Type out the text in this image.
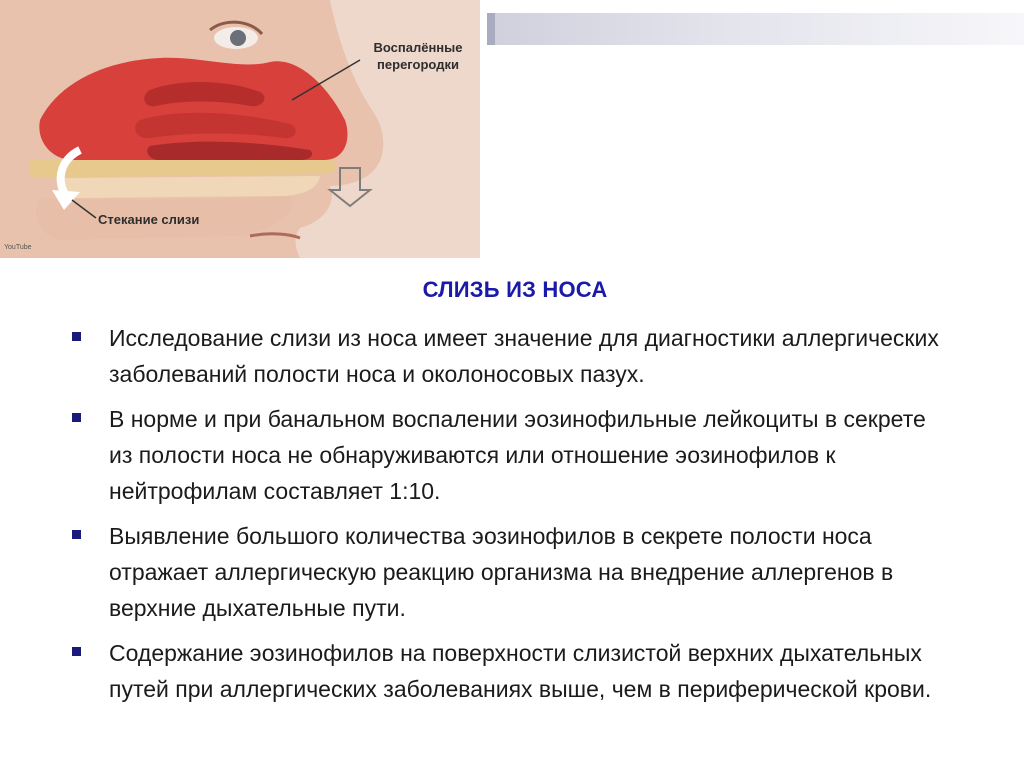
Воспалённые перегородки
Стекание слизи
YouTube
СЛИЗЬ ИЗ НОСА
Исследование слизи из носа имеет значение для диагностики аллергических заболеваний полости носа и околоносовых пазух.
В норме и при банальном воспалении эозинофильные лейкоциты в секрете из полости носа не обнаруживаются или отношение эозинофилов к нейтрофилам составляет 1:10.
Выявление большого количества эозинофилов в секрете полости носа отражает аллергическую реакцию организма на внедрение аллергенов в верхние дыхательные пути.
Содержание эозинофилов на поверхности слизистой верхних дыхательных путей при аллергических заболеваниях выше, чем в периферической крови.
